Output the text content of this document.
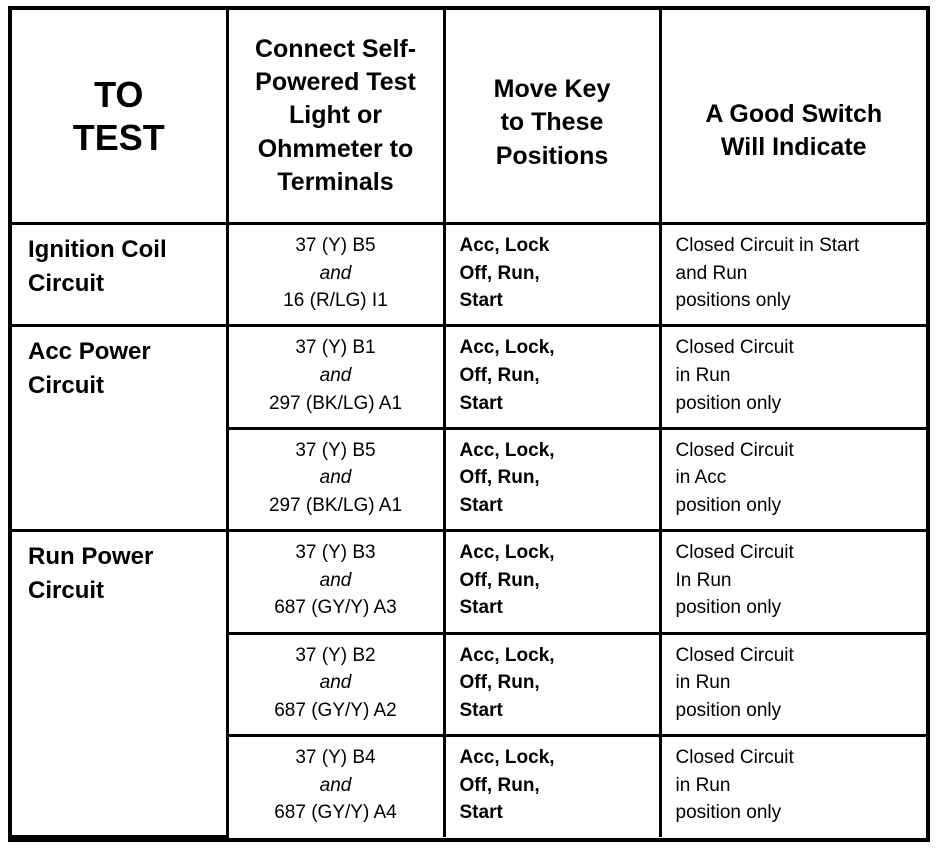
TO
TEST	Connect Self-
Powered Test
Light or
Ohmmeter to
Terminals	Move Key
to These
Positions	A Good Switch
Will Indicate

Ignition Coil
Circuit	37 (Y) B5
and
16 (R/LG) I1	Acc, Lock
Off, Run,
Start	Closed Circuit in Start
and Run
positions only

Acc Power
Circuit	37 (Y) B1
and
297 (BK/LG) A1	Acc, Lock,
Off, Run,
Start	Closed Circuit
in Run
position only

	37 (Y) B5
and
297 (BK/LG) A1	Acc, Lock,
Off, Run,
Start	Closed Circuit
in Acc
position only

Run Power
Circuit	37 (Y) B3
and
687 (GY/Y) A3	Acc, Lock,
Off, Run,
Start	Closed Circuit
In Run
position only

	37 (Y) B2
and
687 (GY/Y) A2	Acc, Lock,
Off, Run,
Start	Closed Circuit
in Run
position only

	37 (Y) B4
and
687 (GY/Y) A4	Acc, Lock,
Off, Run,
Start	Closed Circuit
in Run
position only
